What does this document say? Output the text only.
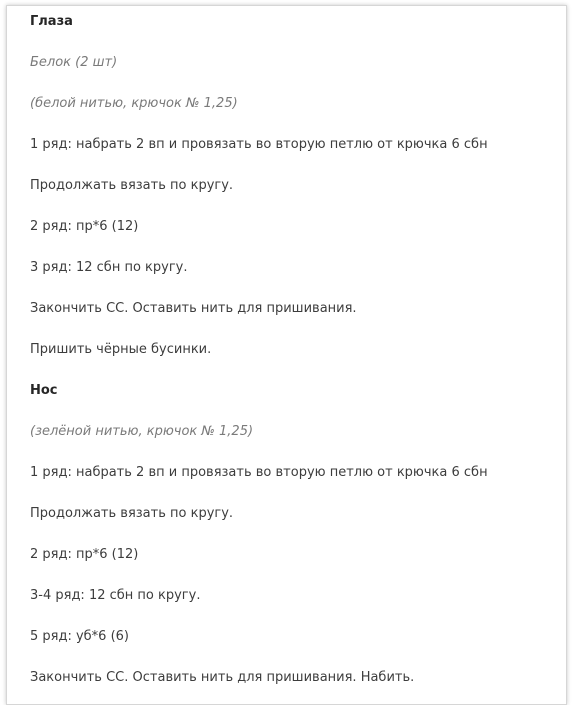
Глаза

Белок (2 шт)

(белой нитью, крючок № 1,25)

1 ряд: набрать 2 вп и провязать во вторую петлю от крючка 6 сбн

Продолжать вязать по кругу.

2 ряд: пр*6 (12)

3 ряд: 12 сбн по кругу.

Закончить СС. Оставить нить для пришивания.

Пришить чёрные бусинки.

Нос

(зелёной нитью, крючок № 1,25)

1 ряд: набрать 2 вп и провязать во вторую петлю от крючка 6 сбн

Продолжать вязать по кругу.

2 ряд: пр*6 (12)

3-4 ряд: 12 сбн по кругу.

5 ряд: уб*6 (6)

Закончить СС. Оставить нить для пришивания. Набить.
